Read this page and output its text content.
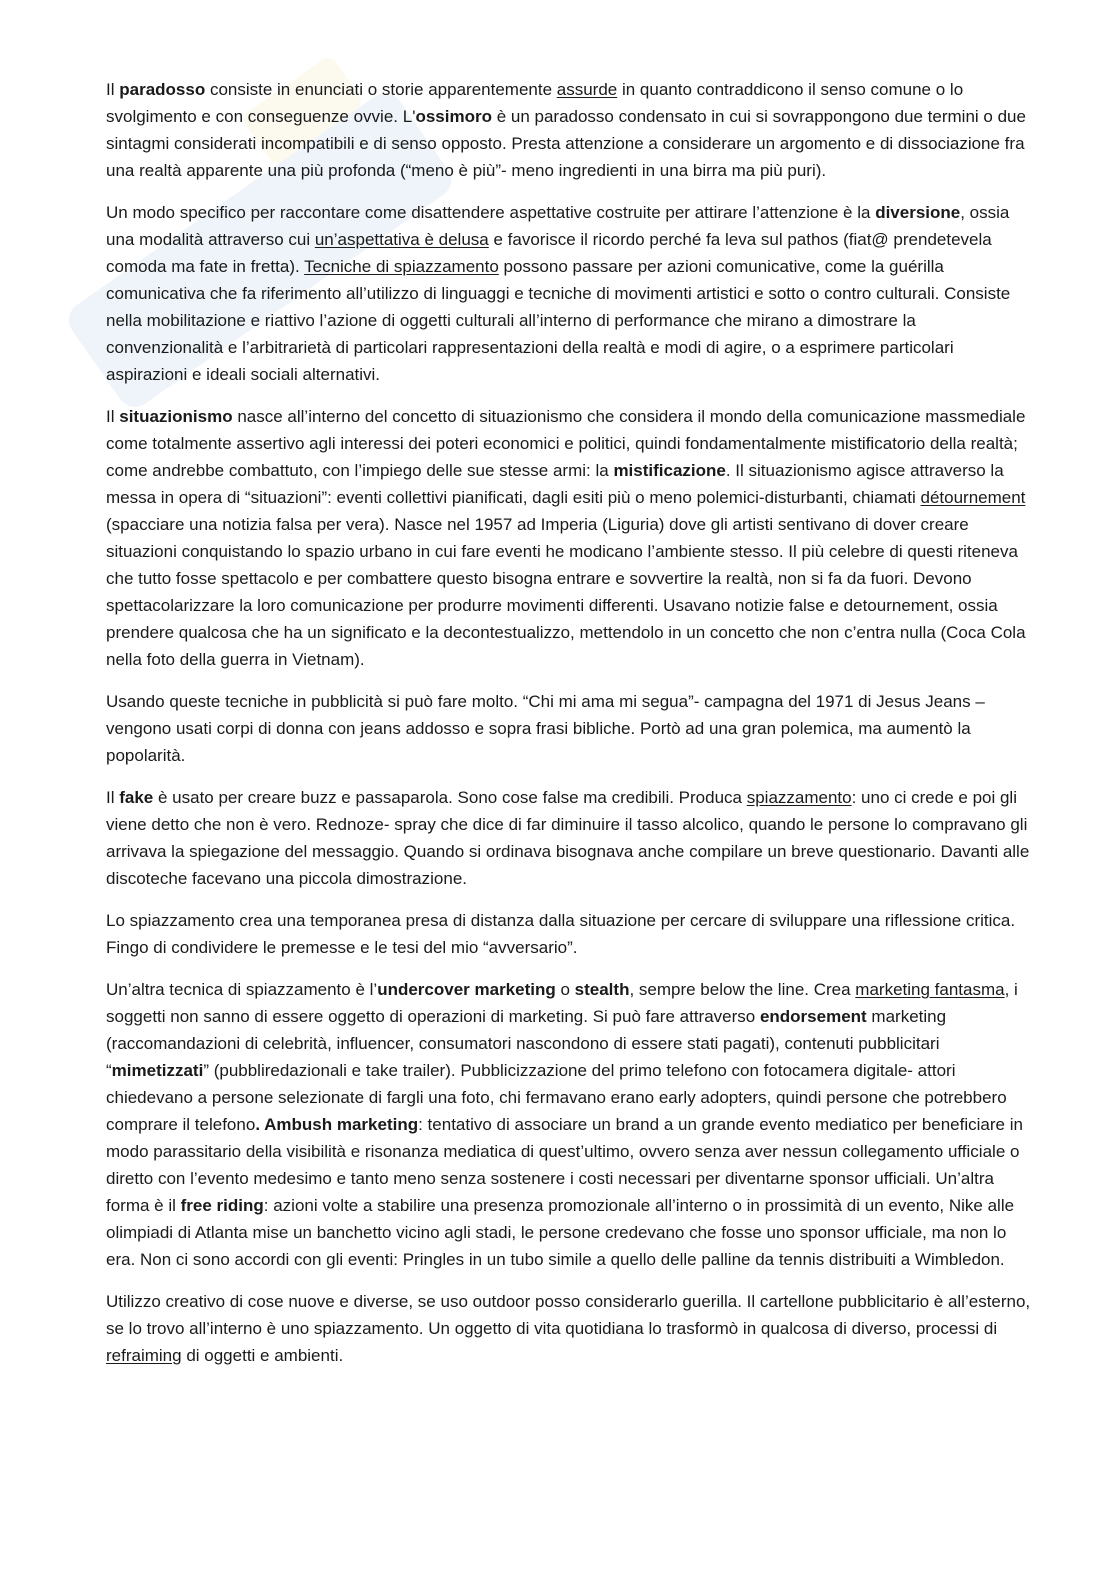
Il paradosso consiste in enunciati o storie apparentemente assurde in quanto contraddicono il senso comune o lo svolgimento e con conseguenze ovvie. L'ossimoro è un paradosso condensato in cui si sovrappongono due termini o due sintagmi considerati incompatibili e di senso opposto. Presta attenzione a considerare un argomento e di dissociazione fra una realtà apparente una più profonda (“meno è più”- meno ingredienti in una birra ma più puri).

Un modo specifico per raccontare come disattendere aspettative costruite per attirare l’attenzione è la diversione, ossia una modalità attraverso cui un’aspettativa è delusa e favorisce il ricordo perché fa leva sul pathos (fiat@ prendetevela comoda ma fate in fretta). Tecniche di spiazzamento possono passare per azioni comunicative, come la guérilla comunicativa che fa riferimento all’utilizzo di linguaggi e tecniche di movimenti artistici e sotto o contro culturali. Consiste nella mobilitazione e riattivo l’azione di oggetti culturali all’interno di performance che mirano a dimostrare la convenzionalità e l’arbitrarietà di particolari rappresentazioni della realtà e modi di agire, o a esprimere particolari aspirazioni e ideali sociali alternativi.

Il situazionismo nasce all’interno del concetto di situazionismo che considera il mondo della comunicazione massmediale come totalmente assertivo agli interessi dei poteri economici e politici, quindi fondamentalmente mistificatorio della realtà; come andrebbe combattuto, con l’impiego delle sue stesse armi: la mistificazione. Il situazionismo agisce attraverso la messa in opera di “situazioni”: eventi collettivi pianificati, dagli esiti più o meno polemici-disturbanti, chiamati détournement (spacciare una notizia falsa per vera). Nasce nel 1957 ad Imperia (Liguria) dove gli artisti sentivano di dover creare situazioni conquistando lo spazio urbano in cui fare eventi he modicano l’ambiente stesso. Il più celebre di questi riteneva che tutto fosse spettacolo e per combattere questo bisogna entrare e sovvertire la realtà, non si fa da fuori. Devono spettacolarizzare la loro comunicazione per produrre movimenti differenti. Usavano notizie false e detournement, ossia prendere qualcosa che ha un significato e la decontestualizzo, mettendolo in un concetto che non c’entra nulla (Coca Cola nella foto della guerra in Vietnam).

Usando queste tecniche in pubblicità si può fare molto. “Chi mi ama mi segua”- campagna del 1971 di Jesus Jeans – vengono usati corpi di donna con jeans addosso e sopra frasi bibliche. Portò ad una gran polemica, ma aumentò la popolarità.

Il fake è usato per creare buzz e passaparola. Sono cose false ma credibili. Produca spiazzamento: uno ci crede e poi gli viene detto che non è vero. Rednoze- spray che dice di far diminuire il tasso alcolico, quando le persone lo compravano gli arrivava la spiegazione del messaggio. Quando si ordinava bisognava anche compilare un breve questionario. Davanti alle discoteche facevano una piccola dimostrazione.

Lo spiazzamento crea una temporanea presa di distanza dalla situazione per cercare di sviluppare una riflessione critica. Fingo di condividere le premesse e le tesi del mio “avversario”.

Un’altra tecnica di spiazzamento è l’undercover marketing o stealth, sempre below the line. Crea marketing fantasma, i soggetti non sanno di essere oggetto di operazioni di marketing. Si può fare attraverso endorsement marketing (raccomandazioni di celebrità, influencer, consumatori nascondono di essere stati pagati), contenuti pubblicitari “mimetizzati” (pubbliredazionali e take trailer). Pubblicizzazione del primo telefono con fotocamera digitale- attori chiedevano a persone selezionate di fargli una foto, chi fermavano erano early adopters, quindi persone che potrebbero comprare il telefono. Ambush marketing: tentativo di associare un brand a un grande evento mediatico per beneficiare in modo parassitario della visibilità e risonanza mediatica di quest’ultimo, ovvero senza aver nessun collegamento ufficiale o diretto con l’evento medesimo e tanto meno senza sostenere i costi necessari per diventarne sponsor ufficiali. Un’altra forma è il free riding: azioni volte a stabilire una presenza promozionale all’interno o in prossimità di un evento, Nike alle olimpiadi di Atlanta mise un banchetto vicino agli stadi, le persone credevano che fosse uno sponsor ufficiale, ma non lo era. Non ci sono accordi con gli eventi: Pringles in un tubo simile a quello delle palline da tennis distribuiti a Wimbledon.

Utilizzo creativo di cose nuove e diverse, se uso outdoor posso considerarlo guerilla. Il cartellone pubblicitario è all’esterno, se lo trovo all’interno è uno spiazzamento. Un oggetto di vita quotidiana lo trasformò in qualcosa di diverso, processi di refraiming di oggetti e ambienti.
